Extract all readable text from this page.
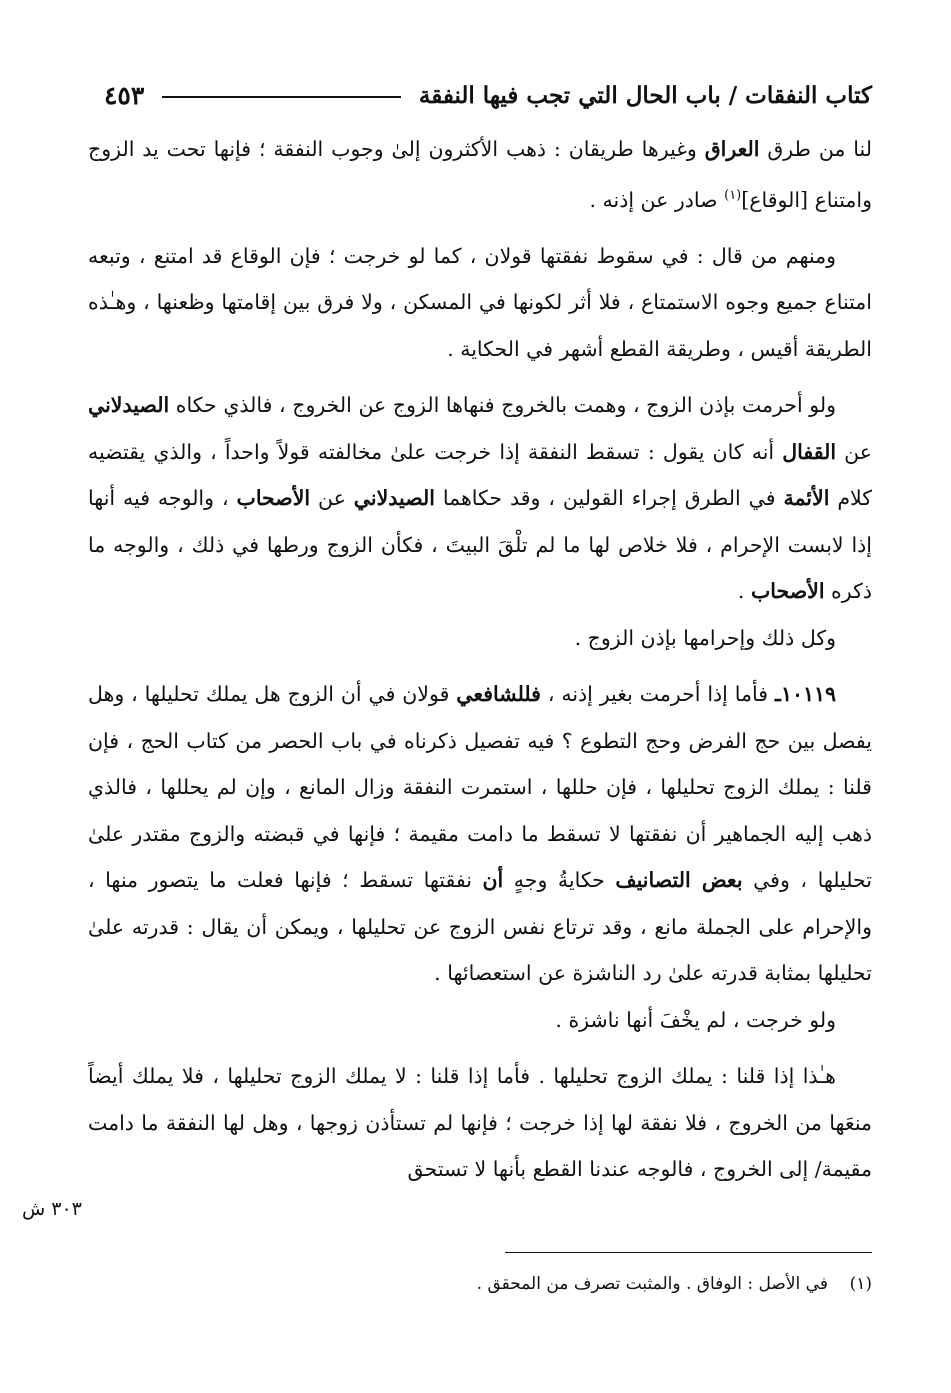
كتاب النفقات / باب الحال التي تجب فيها النفقة
٤٥٣

لنا من طرق العراق وغيرها طريقان : ذهب الأكثرون إلىٰ وجوب النفقة ؛ فإنها تحت يد الزوج وامتناع [الوقاع]$^{(١)}$ صادر عن إذنه .

ومنهم من قال : في سقوط نفقتها قولان ، كما لو خرجت ؛ فإن الوقاع قد امتنع ، وتبعه امتناع جميع وجوه الاستمتاع ، فلا أثر لكونها في المسكن ، ولا فرق بين إقامتها وظعنها ، وهـٰذه الطريقة أقيس ، وطريقة القطع أشهر في الحكاية .

ولو أحرمت بإذن الزوج ، وهمت بالخروج فنهاها الزوج عن الخروج ، فالذي حكاه الصيدلاني عن القفال أنه كان يقول : تسقط النفقة إذا خرجت علىٰ مخالفته قولاً واحداً ، والذي يقتضيه كلام الأئمة في الطرق إجراء القولين ، وقد حكاهما الصيدلاني عن الأصحاب ، والوجه فيه أنها إذا لابست الإحرام ، فلا خلاص لها ما لم تلْقَ البيتَ ، فكأن الزوج ورطها في ذلك ، والوجه ما ذكره الأصحاب .

وكل ذلك وإحرامها بإذن الزوج .

١٠١١٩ـ فأما إذا أحرمت بغير إذنه ، فللشافعي قولان في أن الزوج هل يملك تحليلها ، وهل يفصل بين حج الفرض وحج التطوع ؟ فيه تفصيل ذكرناه في باب الحصر من كتاب الحج ، فإن قلنا : يملك الزوج تحليلها ، فإن حللها ، استمرت النفقة وزال المانع ، وإن لم يحللها ، فالذي ذهب إليه الجماهير أن نفقتها لا تسقط ما دامت مقيمة ؛ فإنها في قبضته والزوج مقتدر علىٰ تحليلها ، وفي بعض التصانيف حكايةُ وجهٍ أن نفقتها تسقط ؛ فإنها فعلت ما يتصور منها ، والإحرام على الجملة مانع ، وقد ترتاع نفس الزوج عن تحليلها ، ويمكن أن يقال : قدرته علىٰ تحليلها بمثابة قدرته علىٰ رد الناشزة عن استعصائها .

ولو خرجت ، لم يخْفَ أنها ناشزة .

هـٰذا إذا قلنا : يملك الزوج تحليلها . فأما إذا قلنا : لا يملك الزوج تحليلها ، فلا يملك أيضاً منعَها من الخروج ، فلا نفقة لها إذا خرجت ؛ فإنها لم تستأذن زوجها ، وهل لها النفقة ما دامت مقيمة/ إلى الخروج ، فالوجه عندنا القطع بأنها لا تستحق

٣٠٣ ش
(١)    في الأصل : الوفاق . والمثبت تصرف من المحقق .
